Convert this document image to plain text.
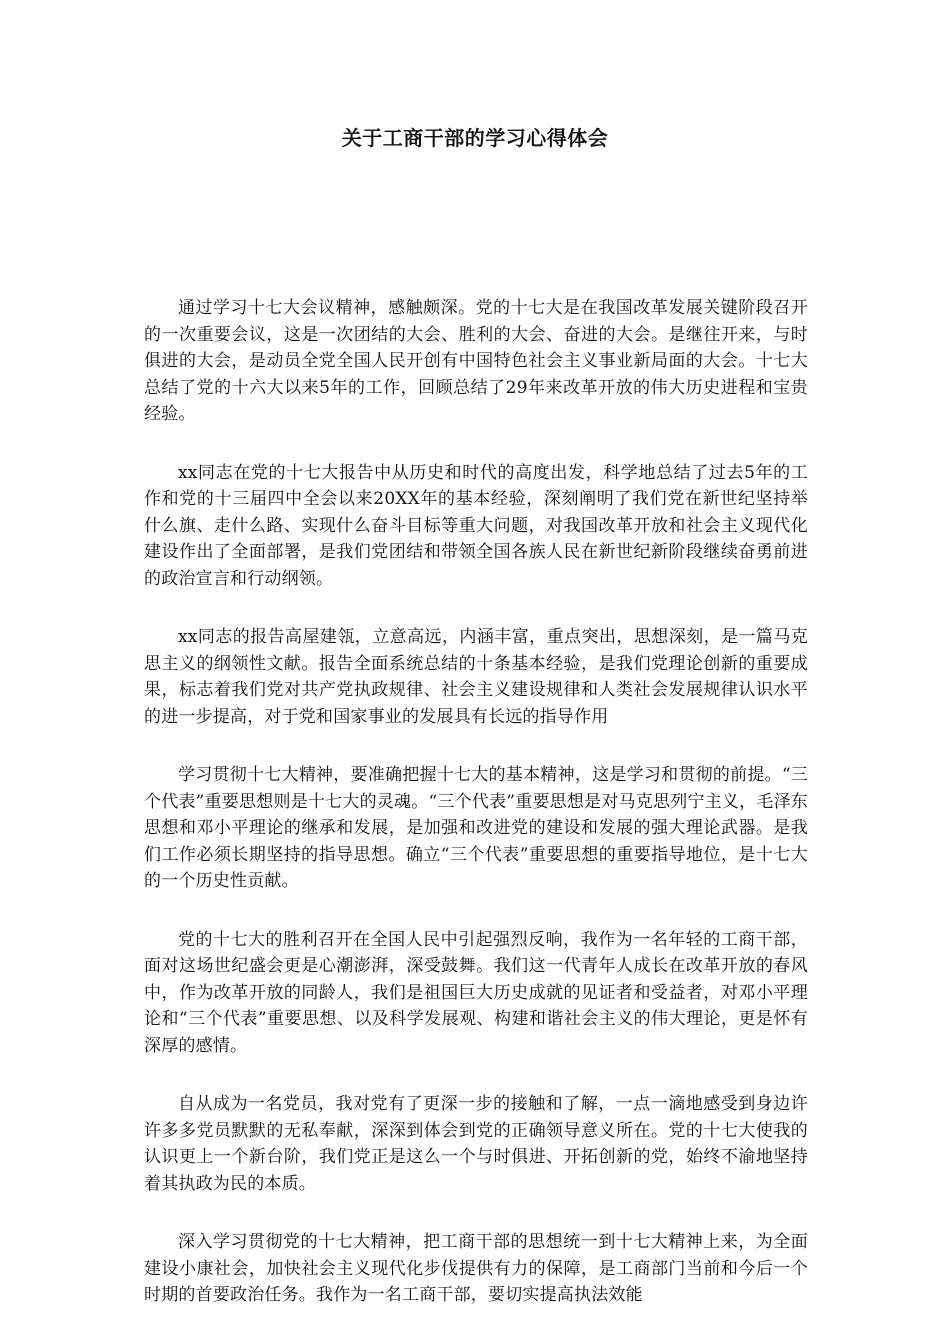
关于工商干部的学习心得体会

通过学习十七大会议精神，感触颇深。党的十七大是在我国改革发展关键阶段召开的一次重要会议，这是一次团结的大会、胜利的大会、奋进的大会。是继往开来，与时俱进的大会，是动员全党全国人民开创有中国特色社会主义事业新局面的大会。十七大总结了党的十六大以来5年的工作，回顾总结了29年来改革开放的伟大历史进程和宝贵经验。

xx同志在党的十七大报告中从历史和时代的高度出发，科学地总结了过去5年的工作和党的十三届四中全会以来20XX年的基本经验，深刻阐明了我们党在新世纪坚持举什么旗、走什么路、实现什么奋斗目标等重大问题，对我国改革开放和社会主义现代化建设作出了全面部署，是我们党团结和带领全国各族人民在新世纪新阶段继续奋勇前进的政治宣言和行动纲领。

xx同志的报告高屋建瓴，立意高远，内涵丰富，重点突出，思想深刻，是一篇马克思主义的纲领性文献。报告全面系统总结的十条基本经验，是我们党理论创新的重要成果，标志着我们党对共产党执政规律、社会主义建设规律和人类社会发展规律认识水平的进一步提高，对于党和国家事业的发展具有长远的指导作用

学习贯彻十七大精神，要准确把握十七大的基本精神，这是学习和贯彻的前提。“三个代表”重要思想则是十七大的灵魂。“三个代表”重要思想是对马克思列宁主义，毛泽东思想和邓小平理论的继承和发展，是加强和改进党的建设和发展的强大理论武器。是我们工作必须长期坚持的指导思想。确立“三个代表”重要思想的重要指导地位，是十七大的一个历史性贡献。

党的十七大的胜利召开在全国人民中引起强烈反响，我作为一名年轻的工商干部，面对这场世纪盛会更是心潮澎湃，深受鼓舞。我们这一代青年人成长在改革开放的春风中，作为改革开放的同龄人，我们是祖国巨大历史成就的见证者和受益者，对邓小平理论和“三个代表”重要思想、以及科学发展观、构建和谐社会主义的伟大理论，更是怀有深厚的感情。

自从成为一名党员，我对党有了更深一步的接触和了解，一点一滴地感受到身边许许多多党员默默的无私奉献，深深到体会到党的正确领导意义所在。党的十七大使我的认识更上一个新台阶，我们党正是这么一个与时俱进、开拓创新的党，始终不渝地坚持着其执政为民的本质。

深入学习贯彻党的十七大精神，把工商干部的思想统一到十七大精神上来，为全面建设小康社会，加快社会主义现代化步伐提供有力的保障，是工商部门当前和今后一个时期的首要政治任务。我作为一名工商干部，要切实提高执法效能
